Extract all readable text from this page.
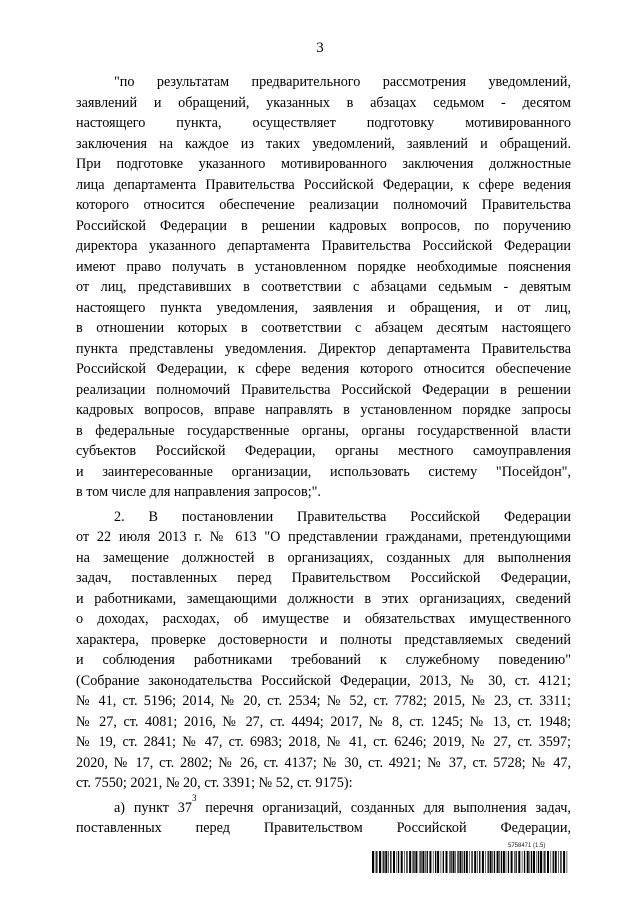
3
"по результатам предварительного рассмотрения уведомлений,
заявлений и обращений, указанных в абзацах седьмом - десятом
настоящего пункта, осуществляет подготовку мотивированного
заключения на каждое из таких уведомлений, заявлений и обращений.
При подготовке указанного мотивированного заключения должностные
лица департамента Правительства Российской Федерации, к сфере ведения
которого относится обеспечение реализации полномочий Правительства
Российской Федерации в решении кадровых вопросов, по поручению
директора указанного департамента Правительства Российской Федерации
имеют право получать в установленном порядке необходимые пояснения
от лиц, представивших в соответствии с абзацами седьмым - девятым
настоящего пункта уведомления, заявления и обращения, и от лиц,
в отношении которых в соответствии с абзацем десятым настоящего
пункта представлены уведомления. Директор департамента Правительства
Российской Федерации, к сфере ведения которого относится обеспечение
реализации полномочий Правительства Российской Федерации в решении
кадровых вопросов, вправе направлять в установленном порядке запросы
в федеральные государственные органы, органы государственной власти
субъектов Российской Федерации, органы местного самоуправления
и заинтересованные организации, использовать систему "Посейдон",
в том числе для направления запросов;".
2. В постановлении Правительства Российской Федерации
от 22 июля 2013 г. № 613 "О представлении гражданами, претендующими
на замещение должностей в организациях, созданных для выполнения
задач, поставленных перед Правительством Российской Федерации,
и работниками, замещающими должности в этих организациях, сведений
о доходах, расходах, об имуществе и обязательствах имущественного
характера, проверке достоверности и полноты представляемых сведений
и соблюдения работниками требований к служебному поведению"
(Собрание законодательства Российской Федерации, 2013, № 30, ст. 4121;
№ 41, ст. 5196; 2014, № 20, ст. 2534; № 52, ст. 7782; 2015, № 23, ст. 3311;
№ 27, ст. 4081; 2016, № 27, ст. 4494; 2017, № 8, ст. 1245; № 13, ст. 1948;
№ 19, ст. 2841; № 47, ст. 6983; 2018, № 41, ст. 6246; 2019, № 27, ст. 3597;
2020, № 17, ст. 2802; № 26, ст. 4137; № 30, ст. 4921; № 37, ст. 5728; № 47,
ст. 7550; 2021, № 20, ст. 3391; № 52, ст. 9175):
а) пункт $37^3$ перечня организаций, созданных для выполнения задач,
поставленных перед Правительством Российской Федерации,
5758471 (1.5)
